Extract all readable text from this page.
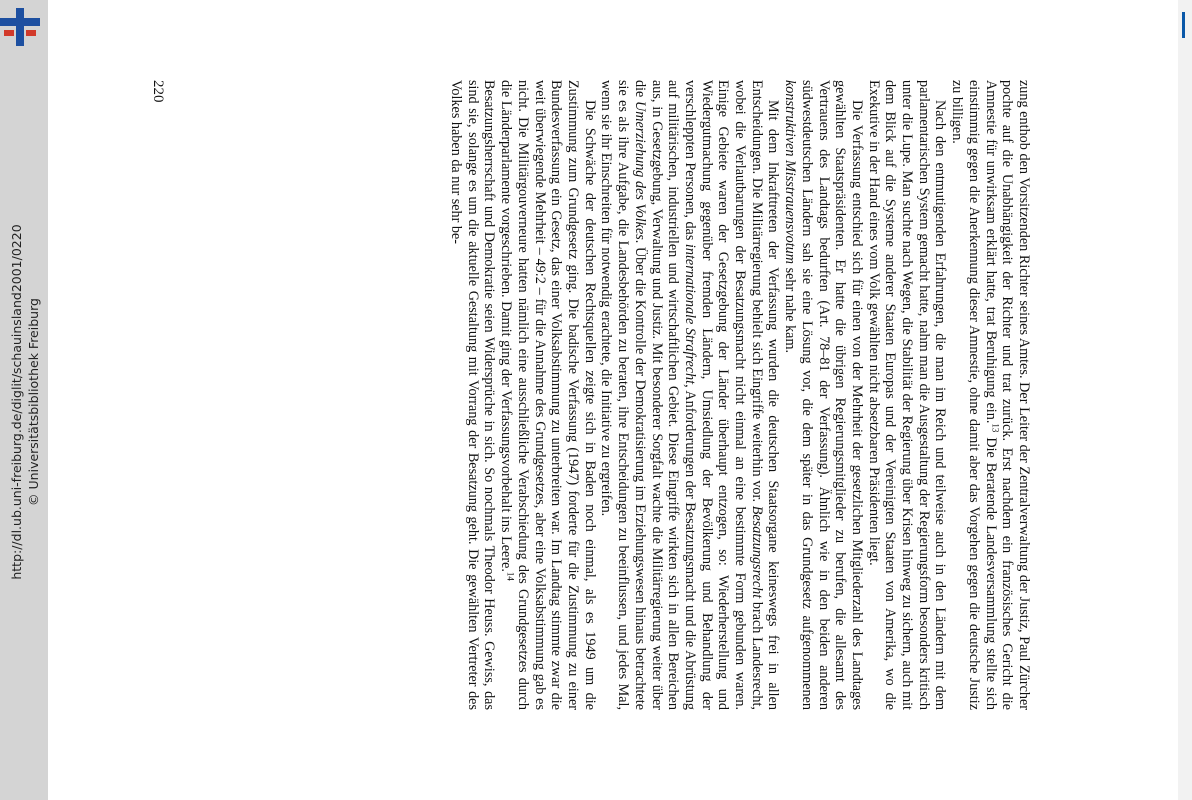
http://dl.ub.uni-freiburg.de/diglit/schauinsland2001/0220 © Universitätsbibliothek Freiburg	zung enthob den Vorsitzenden Richter seines Amtes. Der Leiter der Zentralverwaltung der Justiz, Paul Zürcher pochte auf die Unabhängigkeit der Richter und trat zurück. Erst nachdem ein französisches Gericht die Amnestie für unwirksam erklärt hatte, trat Beruhigung ein.$^{13}$ Die Beratende Landesversammlung stellte sich einstimmig gegen die Anerkennung dieser Amnestie, ohne damit aber das Vorgehen gegen die deutsche Justiz zu billigen.

Nach den entmutigenden Erfahrungen, die man im Reich und teilweise auch in den Ländern mit dem parlamentarischen System gemacht hatte, nahm man die Ausgestaltung der Regierungsform besonders kritisch unter die Lupe. Man suchte nach Wegen, die Stabilität der Regierung über Krisen hinweg zu sichern, auch mit dem Blick auf die Systeme anderer Staaten Europas und der Vereinigten Staaten von Amerika, wo die Exekutive in der Hand eines vom Volk gewählten nicht absetzbaren Präsidenten liegt.

Die Verfassung entschied sich für einen von der Mehrheit der gesetzlichen Mitgliederzahl des Landtages gewählten Staatspräsidenten. Er hatte die übrigen Regierungsmitglieder zu berufen, die allesamt des Vertrauens des Landtags bedurften (Art. 78–81 der Verfassung). Ähnlich wie in den beiden anderen südwestdeutschen Ländern sah sie eine Lösung vor, die dem später in das Grundgesetz aufgenommenen konstruktiven Misstrauensvotum sehr nahe kam.

Mit dem Inkrafttreten der Verfassung wurden die deutschen Staatsorgane keineswegs frei in allen Entscheidungen. Die Militärregierung behielt sich Eingriffe weiterhin vor. Besatzungsrecht brach Landesrecht, wobei die Verlautbarungen der Besatzungsmacht nicht einmal an eine bestimmte Form gebunden waren. Einige Gebiete waren der Gesetzgebung der Länder überhaupt entzogen, so: Wiederherstellung und Wiedergutmachung gegenüber fremden Ländern, Umsiedlung der Bevölkerung und Behandlung der verschleppten Personen, das internationale Strafrecht, Anforderungen der Besatzungsmacht und die Abrüstung auf militärischen, industriellen und wirtschaftlichen Gebiet. Diese Eingriffe wirkten sich in allen Bereichen aus, in Gesetzgebung, Verwaltung und Justiz. Mit besonderer Sorgfalt wachte die Militärregierung weiter über die Umerziehung des Volkes. Über die Kontrolle der Demokratisierung im Erziehungswesen hinaus betrachtete sie es als ihre Aufgabe, die Landesbehörden zu beraten, ihre Entscheidungen zu beeinflussen, und jedes Mal, wenn sie ihr Einschreiten für notwendig erachtete, die Initiative zu ergreifen.

Die Schwäche der deutschen Rechtsquellen zeigte sich in Baden noch einmal, als es 1949 um die Zustimmung zum Grundgesetz ging. Die badische Verfassung (1947) forderte für die Zustimmung zu einer Bundesverfassung ein Gesetz, das einer Volksabstimmung zu unterbreiten war. Im Landtag stimmte zwar die weit überwiegende Mehrheit – 49:2 – für die Annahme des Grundgesetzes, aber eine Volksabstimmung gab es nicht. Die Militärgouverneure hatten nämlich eine ausschließliche Verabschiedung des Grundgesetzes durch die Länderparlamente vorgeschrieben. Damit ging der Verfassungsvorbehalt ins Leere.$^{14}$

Besatzungsherrschaft und Demokratie seien Widersprüche in sich. So nochmals Theodor Heuss. Gewiss, das sind sie, solange es um die aktuelle Gestaltung mit Vorrang der Besatzung geht. Die gewählten Vertreter des Volkes haben da nur sehr be-

220
